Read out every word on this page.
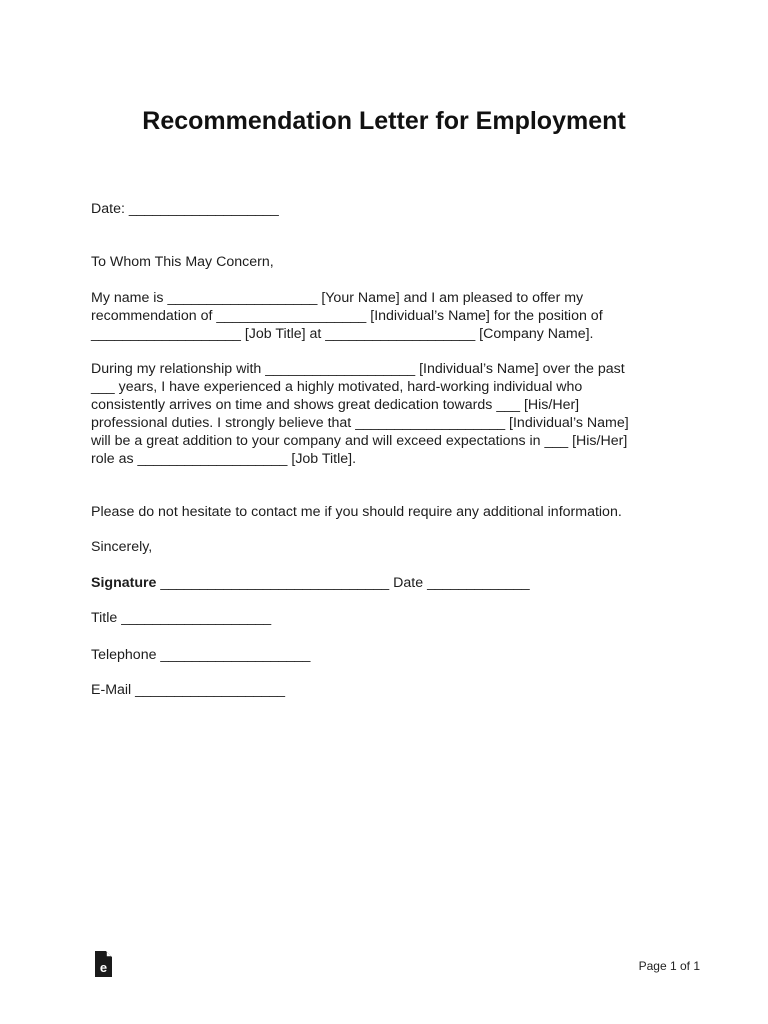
Recommendation Letter for Employment

Date: ___________________

To Whom This May Concern,

My name is ___________________ [Your Name] and I am pleased to offer my

recommendation of ___________________ [Individual’s Name] for the position of

___________________ [Job Title] at ___________________ [Company Name].

During my relationship with ___________________ [Individual’s Name] over the past

___ years, I have experienced a highly motivated, hard-working individual who

consistently arrives on time and shows great dedication towards ___ [His/Her]

professional duties. I strongly believe that ___________________ [Individual’s Name]

will be a great addition to your company and will exceed expectations in ___ [His/Her]

role as ___________________ [Job Title].

Please do not hesitate to contact me if you should require any additional information.

Sincerely,

Signature _____________________________ Date _____________

Title ___________________

Telephone ___________________

E-Mail ___________________

e	Page 1 of 1
